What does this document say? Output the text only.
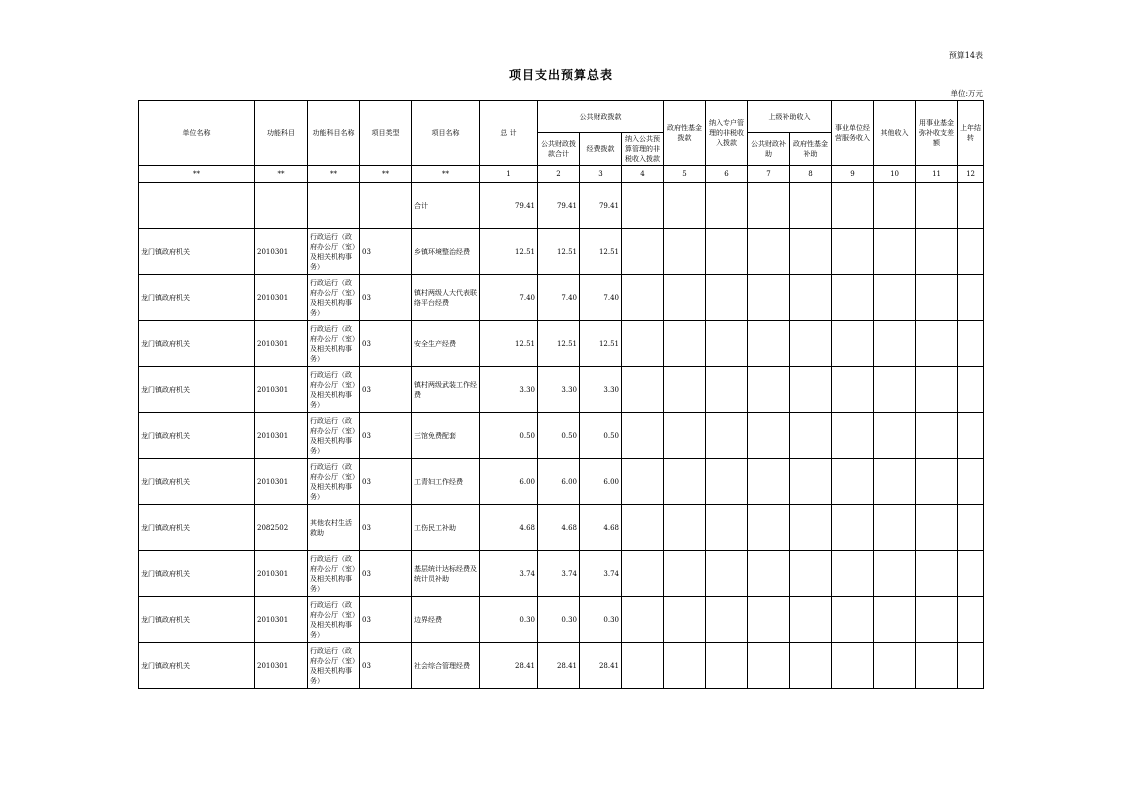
预算14表
项目支出预算总表
单位:万元
单位名称	功能科目	功能科目名称	项目类型	项目名称	总 计	公共财政拨款			政府性基金拨款	纳入专户管理的非税收入拨款	上级补助收入		事业单位经营服务收入	其他收入	用事业基金弥补收支差额	上年结转
						公共财政拨款合计	经费拨款	纳入公共预算管理的非税收入拨款			公共财政补助	政府性基金补助				
**	**	**	**	**	1	2	3	4	5	6	7	8	9	10	11	12
				合计	79.41	79.41	79.41									
龙门镇政府机关	2010301	行政运行（政府办公厅（室）及相关机构事务）	03	乡镇环境整治经费	12.51	12.51	12.51									
龙门镇政府机关	2010301	行政运行（政府办公厅（室）及相关机构事务）	03	镇村两级人大代表联络平台经费	7.40	7.40	7.40									
龙门镇政府机关	2010301	行政运行（政府办公厅（室）及相关机构事务）	03	安全生产经费	12.51	12.51	12.51									
龙门镇政府机关	2010301	行政运行（政府办公厅（室）及相关机构事务）	03	镇村两级武装工作经费	3.30	3.30	3.30									
龙门镇政府机关	2010301	行政运行（政府办公厅（室）及相关机构事务）	03	三馆免费配套	0.50	0.50	0.50									
龙门镇政府机关	2010301	行政运行（政府办公厅（室）及相关机构事务）	03	工青妇工作经费	6.00	6.00	6.00									
龙门镇政府机关	2082502	其他农村生活救助	03	工伤民工补助	4.68	4.68	4.68									
龙门镇政府机关	2010301	行政运行（政府办公厅（室）及相关机构事务）	03	基层统计达标经费及统计员补助	3.74	3.74	3.74									
龙门镇政府机关	2010301	行政运行（政府办公厅（室）及相关机构事务）	03	边界经费	0.30	0.30	0.30									
龙门镇政府机关	2010301	行政运行（政府办公厅（室）及相关机构事务）	03	社会综合管理经费	28.41	28.41	28.41									
